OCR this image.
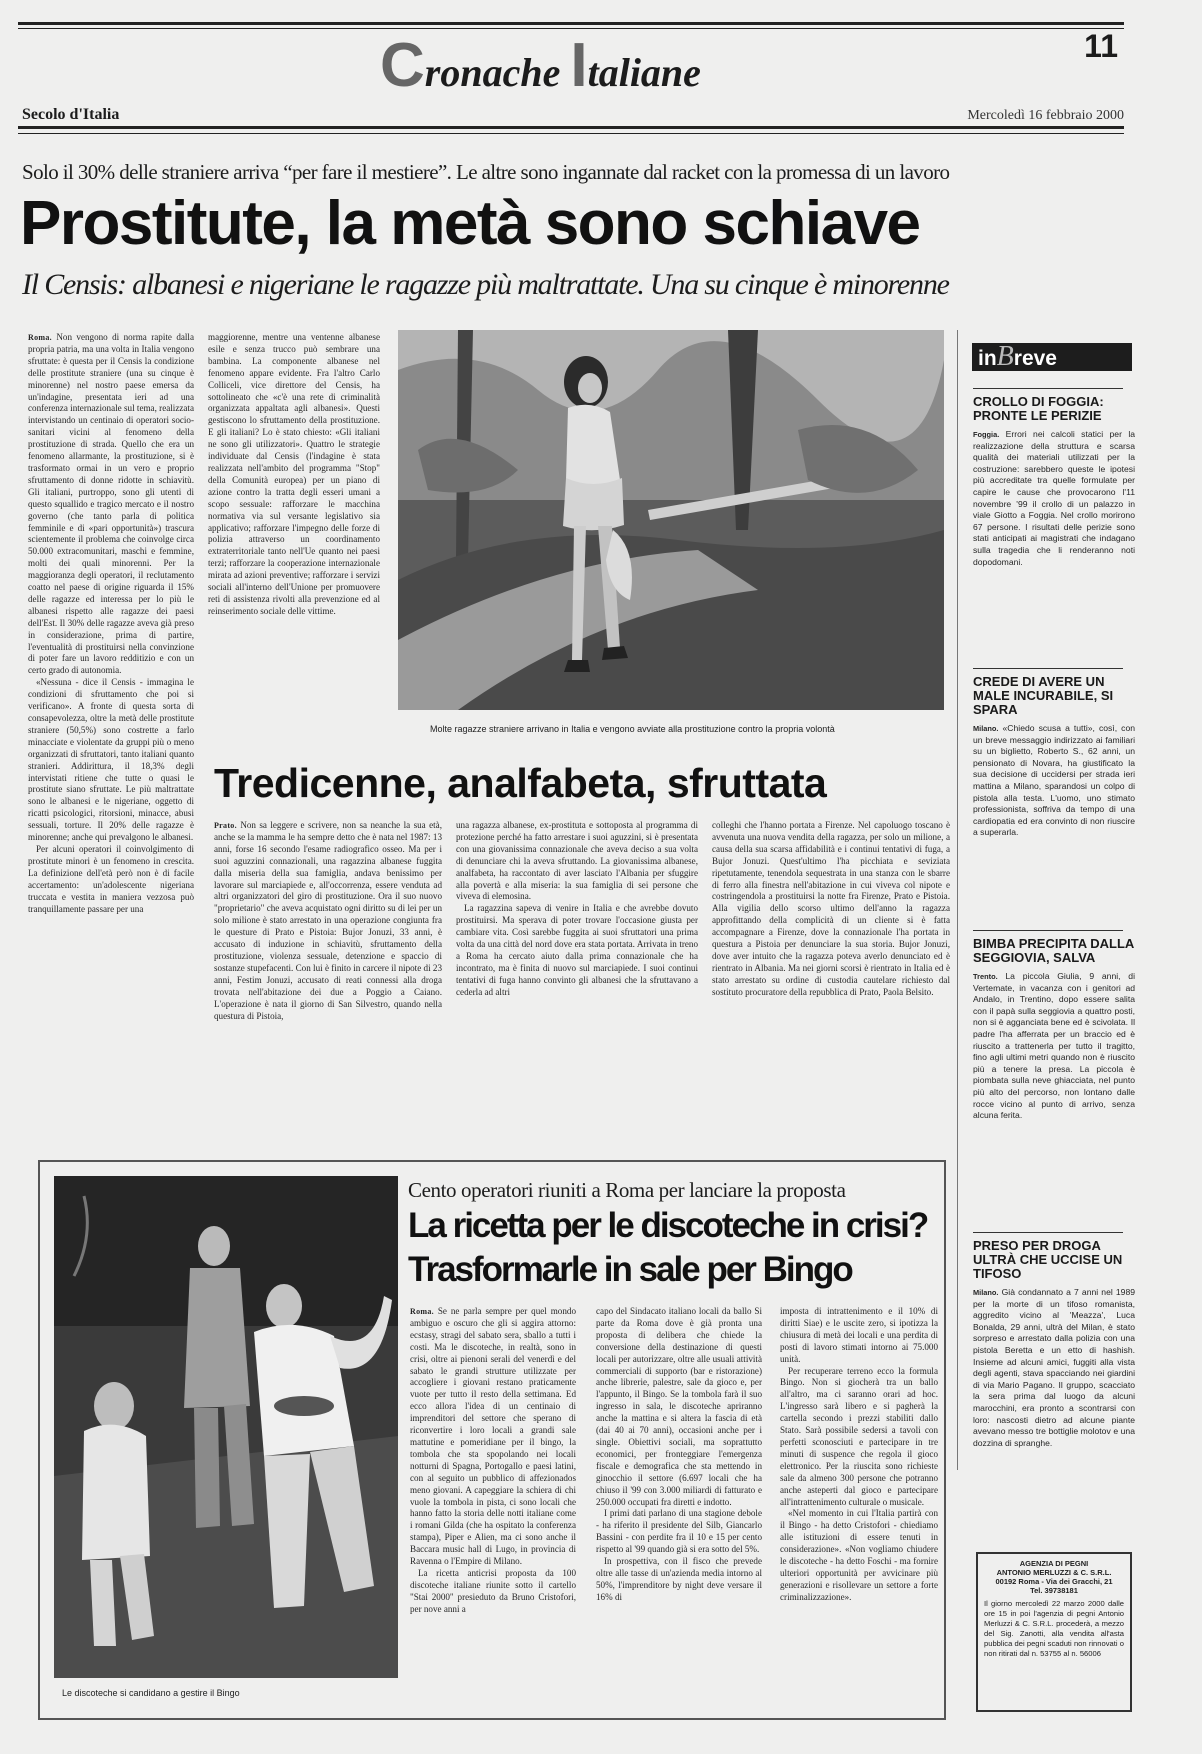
Cronache Italiane
11
Secolo d'Italia	Mercoledì 16 febbraio 2000
Solo il 30% delle straniere arriva “per fare il mestiere”. Le altre sono ingannate dal racket con la promessa di un lavoro
Prostitute, la metà sono schiave
Il Censis: albanesi e nigeriane le ragazze più maltrattate. Una su cinque è minorenne

Roma. Non vengono di norma rapite dalla propria patria, ma una volta in Italia vengono sfruttate: è questa per il Censis la condizione delle prostitute straniere (una su cinque è minorenne) nel nostro paese emersa da un'indagine, presentata ieri ad una conferenza internazionale sul tema, realizzata intervistando un centinaio di operatori socio-sanitari vicini al fenomeno della prostituzione di strada. Quello che era un fenomeno allarmante, la prostituzione, si è trasformato ormai in un vero e proprio sfruttamento di donne ridotte in schiavitù. Gli italiani, purtroppo, sono gli utenti di questo squallido e tragico mercato e il nostro governo (che tanto parla di politica femminile e di «pari opportunità») trascura scientemente il problema che coinvolge circa 50.000 extracomunitari, maschi e femmine, molti dei quali minorenni. Per la maggioranza degli operatori, il reclutamento coatto nel paese di origine riguarda il 15% delle ragazze ed interessa per lo più le albanesi rispetto alle ragazze dei paesi dell'Est. Il 30% delle ragazze aveva già preso in considerazione, prima di partire, l'eventualità di prostituirsi nella convinzione di poter fare un lavoro redditizio e con un certo grado di autonomia.

«Nessuna - dice il Censis - immagina le condizioni di sfruttamento che poi si verificano». A fronte di questa sorta di consapevolezza, oltre la metà delle prostitute straniere (50,5%) sono costrette a farlo minacciate e violentate da gruppi più o meno organizzati di sfruttatori, tanto italiani quanto stranieri. Addirittura, il 18,3% degli intervistati ritiene che tutte o quasi le prostitute siano sfruttate. Le più maltrattate sono le albanesi e le nigeriane, oggetto di ricatti psicologici, ritorsioni, minacce, abusi sessuali, torture. Il 20% delle ragazze è minorenne; anche qui prevalgono le albanesi.

Per alcuni operatori il coinvolgimento di prostitute minori è un fenomeno in crescita. La definizione dell'età però non è di facile accertamento: un'adolescente nigeriana truccata e vestita in maniera vezzosa può tranquillamente passare per una

maggiorenne, mentre una ventenne albanese esile e senza trucco può sembrare una bambina. La componente albanese nel fenomeno appare evidente. Fra l'altro Carlo Colliceli, vice direttore del Censis, ha sottolineato che «c'è una rete di criminalità organizzata appaltata agli albanesi». Questi gestiscono lo sfruttamento della prostituzione. E gli italiani? Lo è stato chiesto: «Gli italiani ne sono gli utilizzatori». Quattro le strategie individuate dal Censis (l'indagine è stata realizzata nell'ambito del programma "Stop" della Comunità europea) per un piano di azione contro la tratta degli esseri umani a scopo sessuale: rafforzare le macchina normativa via sul versante legislativo sia applicativo; rafforzare l'impegno delle forze di polizia attraverso un coordinamento extraterritoriale tanto nell'Ue quanto nei paesi terzi; rafforzare la cooperazione internazionale mirata ad azioni preventive; rafforzare i servizi sociali all'interno dell'Unione per promuovere reti di assistenza rivolti alla prevenzione ed al reinserimento sociale delle vittime.

Molte ragazze straniere arrivano in Italia e vengono avviate alla prostituzione contro la propria volontà
inBreve

CROLLO DI FOGGIA: PRONTE LE PERIZIE

Foggia. Errori nei calcoli statici per la realizzazione della struttura e scarsa qualità dei materiali utilizzati per la costruzione: sarebbero queste le ipotesi più accreditate tra quelle formulate per capire le cause che provocarono l'11 novembre '99 il crollo di un palazzo in viale Giotto a Foggia. Nel crollo morirono 67 persone. I risultati delle perizie sono stati anticipati ai magistrati che indagano sulla tragedia che li renderanno noti dopodomani.

CREDE DI AVERE UN MALE INCURABILE, SI SPARA

Milano. «Chiedo scusa a tutti», così, con un breve messaggio indirizzato ai familiari su un biglietto, Roberto S., 62 anni, un pensionato di Novara, ha giustificato la sua decisione di uccidersi per strada ieri mattina a Milano, sparandosi un colpo di pistola alla testa. L'uomo, uno stimato professionista, soffriva da tempo di una cardiopatia ed era convinto di non riuscire a superarla.

BIMBA PRECIPITA DALLA SEGGIOVIA, SALVA

Trento. La piccola Giulia, 9 anni, di Vertemate, in vacanza con i genitori ad Andalo, in Trentino, dopo essere salita con il papà sulla seggiovia a quattro posti, non si è agganciata bene ed è scivolata. Il padre l'ha afferrata per un braccio ed è riuscito a trattenerla per tutto il tragitto, fino agli ultimi metri quando non è riuscito più a tenere la presa. La piccola è piombata sulla neve ghiacciata, nel punto più alto del percorso, non lontano dalle rocce vicino al punto di arrivo, senza alcuna ferita.

PRESO PER DROGA ULTRÀ CHE UCCISE UN TIFOSO

Milano. Già condannato a 7 anni nel 1989 per la morte di un tifoso romanista, aggredito vicino al 'Meazza', Luca Bonalda, 29 anni, ultrà del Milan, è stato sorpreso e arrestato dalla polizia con una pistola Beretta e un etto di hashish. Insieme ad alcuni amici, fuggiti alla vista degli agenti, stava spacciando nei giardini di via Mario Pagano. Il gruppo, scacciato la sera prima dal luogo da alcuni marocchini, era pronto a scontrarsi con loro: nascosti dietro ad alcune piante avevano messo tre bottiglie molotov e una dozzina di spranghe.

AGENZIA DI PEGNI
ANTONIO MERLUZZI & C. S.R.L.
00192 Roma - Via dei Gracchi, 21
Tel. 39738181
Il giorno mercoledì 22 marzo 2000 dalle ore 15 in poi l'agenzia di pegni Antonio Merluzzi & C. S.R.L. procederà, a mezzo del Sig. Zanotti, alla vendita all'asta pubblica dei pegni scaduti non rinnovati o non ritirati dal n. 53755 al n. 56006
Tredicenne, analfabeta, sfruttata

Prato. Non sa leggere e scrivere, non sa neanche la sua età, anche se la mamma le ha sempre detto che è nata nel 1987: 13 anni, forse 16 secondo l'esame radiografico osseo. Ma per i suoi aguzzini connazionali, una ragazzina albanese fuggita dalla miseria della sua famiglia, andava benissimo per lavorare sul marciapiede e, all'occorrenza, essere venduta ad altri organizzatori del giro di prostituzione. Ora il suo nuovo "proprietario" che aveva acquistato ogni diritto su di lei per un solo milione è stato arrestato in una operazione congiunta fra le questure di Prato e Pistoia: Bujor Jonuzi, 33 anni, è accusato di induzione in schiavitù, sfruttamento della prostituzione, violenza sessuale, detenzione e spaccio di sostanze stupefacenti. Con lui è finito in carcere il nipote di 23 anni, Festim Jonuzi, accusato di reati connessi alla droga trovata nell'abitazione dei due a Poggio a Caiano. L'operazione è nata il giorno di San Silvestro, quando nella questura di Pistoia,

una ragazza albanese, ex-prostituta e sottoposta al programma di protezione perché ha fatto arrestare i suoi aguzzini, si è presentata con una giovanissima connazionale che aveva deciso a sua volta di denunciare chi la aveva sfruttando. La giovanissima albanese, analfabeta, ha raccontato di aver lasciato l'Albania per sfuggire alla povertà e alla miseria: la sua famiglia di sei persone che viveva di elemosina.

La ragazzina sapeva di venire in Italia e che avrebbe dovuto prostituirsi. Ma sperava di poter trovare l'occasione giusta per cambiare vita. Così sarebbe fuggita ai suoi sfruttatori una prima volta da una città del nord dove era stata portata. Arrivata in treno a Roma ha cercato aiuto dalla prima connazionale che ha incontrato, ma è finita di nuovo sul marciapiede. I suoi continui tentativi di fuga hanno convinto gli albanesi che la sfruttavano a cederla ad altri

colleghi che l'hanno portata a Firenze. Nel capoluogo toscano è avvenuta una nuova vendita della ragazza, per solo un milione, a causa della sua scarsa affidabilità e i continui tentativi di fuga, a Bujor Jonuzi. Quest'ultimo l'ha picchiata e seviziata ripetutamente, tenendola sequestrata in una stanza con le sbarre di ferro alla finestra nell'abitazione in cui viveva col nipote e costringendola a prostituirsi la notte fra Firenze, Prato e Pistoia. Alla vigilia dello scorso ultimo dell'anno la ragazza approfittando della complicità di un cliente si è fatta accompagnare a Firenze, dove la connazionale l'ha portata in questura a Pistoia per denunciare la sua storia. Bujor Jonuzi, dove aver intuito che la ragazza poteva averlo denunciato ed è rientrato in Albania. Ma nei giorni scorsi è rientrato in Italia ed è stato arrestato su ordine di custodia cautelare richiesto dal sostituto procuratore della repubblica di Prato, Paola Belsito.

Le discoteche si candidano a gestire il Bingo
Cento operatori riuniti a Roma per lanciare la proposta
La ricetta per le discoteche in crisi?
Trasformarle in sale per Bingo

Roma. Se ne parla sempre per quel mondo ambiguo e oscuro che gli si aggira attorno: ecstasy, stragi del sabato sera, sballo a tutti i costi. Ma le discoteche, in realtà, sono in crisi, oltre ai pienoni serali del venerdì e del sabato le grandi strutture utilizzate per accogliere i giovani restano praticamente vuote per tutto il resto della settimana. Ed ecco allora l'idea di un centinaio di imprenditori del settore che sperano di riconvertire i loro locali a grandi sale mattutine e pomeridiane per il bingo, la tombola che sta spopolando nei locali notturni di Spagna, Portogallo e paesi latini, con al seguito un pubblico di affezionados meno giovani. A capeggiare la schiera di chi vuole la tombola in pista, ci sono locali che hanno fatto la storia delle notti italiane come i romani Gilda (che ha ospitato la conferenza stampa), Piper e Alien, ma ci sono anche il Baccara music hall di Lugo, in provincia di Ravenna o l'Empire di Milano.

La ricetta anticrisi proposta da 100 discoteche italiane riunite sotto il cartello "Stai 2000" presieduto da Bruno Cristofori, per nove anni a

capo del Sindacato italiano locali da ballo Si parte da Roma dove è già pronta una proposta di delibera che chiede la conversione della destinazione di questi locali per autorizzare, oltre alle usuali attività commerciali di supporto (bar e ristorazione) anche librerie, palestre, sale da gioco e, per l'appunto, il Bingo. Se la tombola farà il suo ingresso in sala, le discoteche apriranno anche la mattina e si altera la fascia di età (dai 40 ai 70 anni), occasioni anche per i single. Obiettivi sociali, ma soprattutto economici, per fronteggiare l'emergenza fiscale e demografica che sta mettendo in ginocchio il settore (6.697 locali che ha chiuso il '99 con 3.000 miliardi di fatturato e 250.000 occupati fra diretti e indotto.

I primi dati parlano di una stagione debole - ha riferito il presidente del Silb, Giancarlo Bassini - con perdite fra il 10 e 15 per cento rispetto al '99 quando già si era sotto del 5%.

In prospettiva, con il fisco che prevede oltre alle tasse di un'azienda media intorno al 50%, l'imprenditore by night deve versare il 16% di

imposta di intrattenimento e il 10% di diritti Siae) e le uscite zero, si ipotizza la chiusura di metà dei locali e una perdita di posti di lavoro stimati intorno ai 75.000 unità.

Per recuperare terreno ecco la formula Bingo. Non si giocherà tra un ballo all'altro, ma ci saranno orari ad hoc. L'ingresso sarà libero e si pagherà la cartella secondo i prezzi stabiliti dallo Stato. Sarà possibile sedersi a tavoli con perfetti sconosciuti e partecipare in tre minuti di suspence che regola il gioco elettronico. Per la riuscita sono richieste sale da almeno 300 persone che potranno anche asteperti dal gioco e partecipare all'intrattenimento culturale o musicale.

«Nel momento in cui l'Italia partirà con il Bingo - ha detto Cristofori - chiediamo alle istituzioni di essere tenuti in considerazione». «Non vogliamo chiudere le discoteche - ha detto Foschi - ma fornire ulteriori opportunità per avvicinare più generazioni e risollevare un settore a forte criminalizzazione».
